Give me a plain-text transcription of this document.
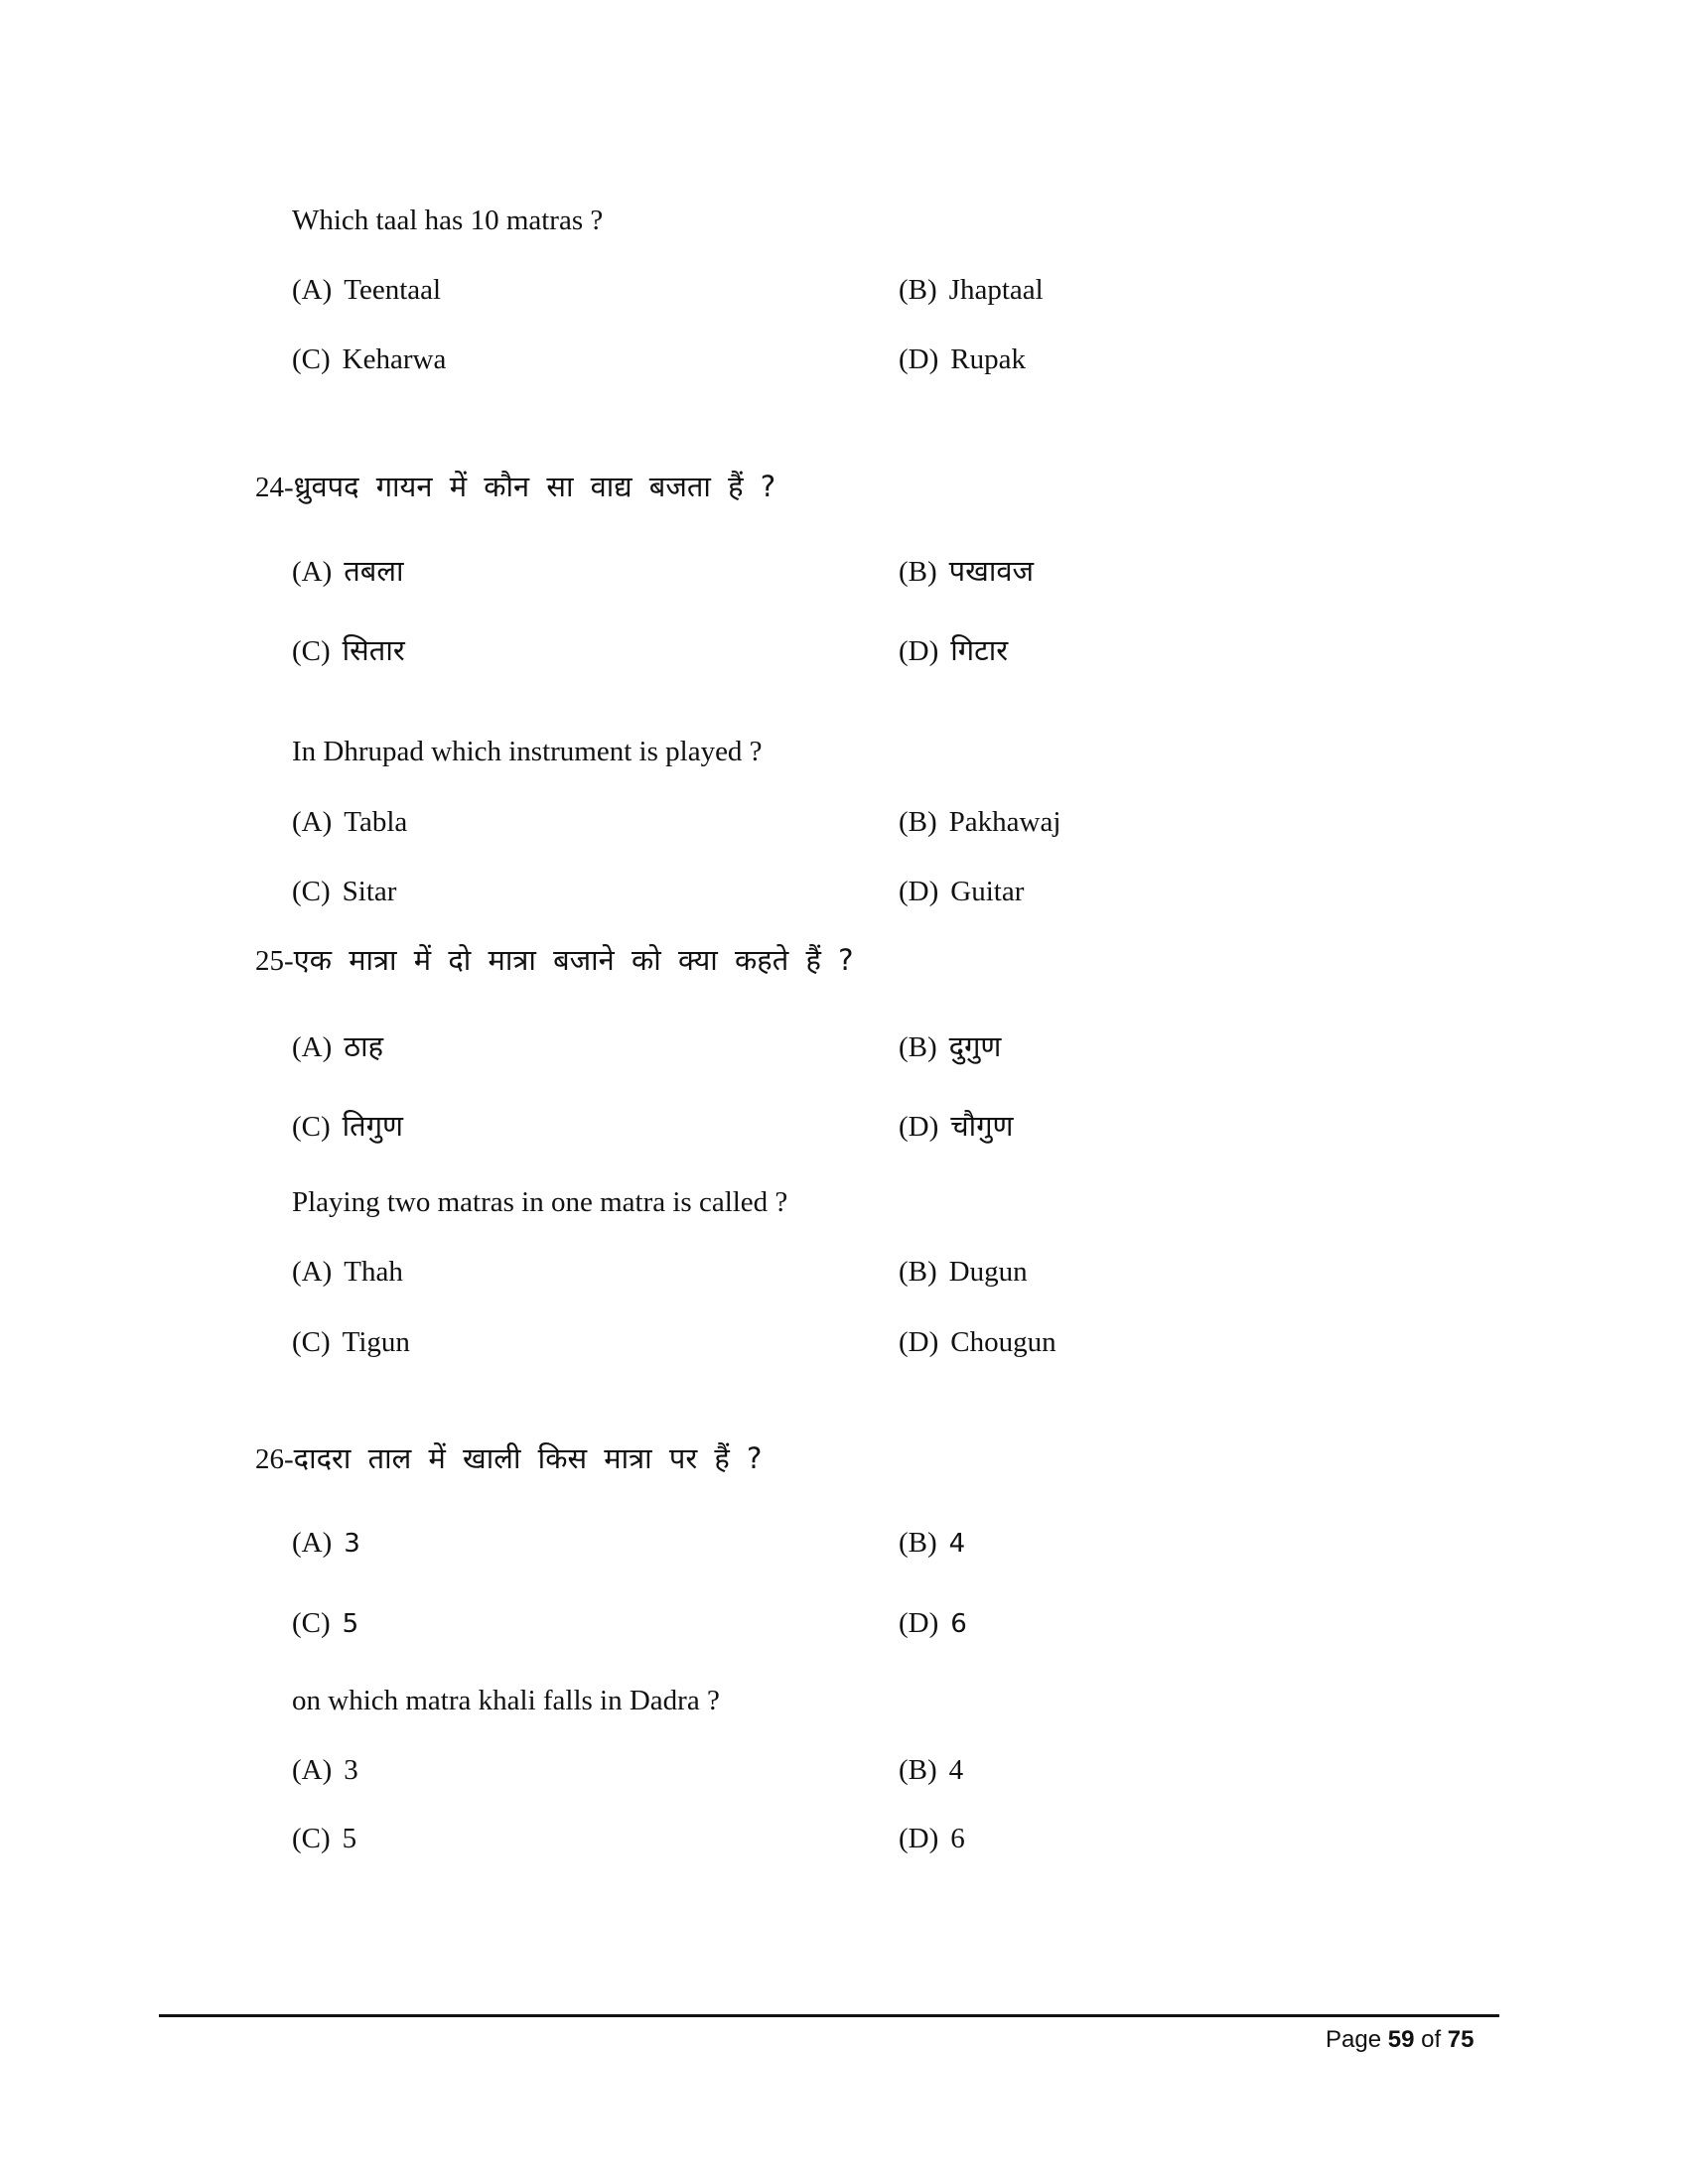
Which taal has 10 matras ?
(A) Teentaal	(B) Jhaptaal
(C) Keharwa	(D) Rupak
24-ध्रुवपद गायन में कौन सा वाद्य बजता हैं ?
(A) तबला	(B) पखावज
(C) सितार	(D) गिटार
In Dhrupad which instrument is played ?
(A) Tabla	(B) Pakhawaj
(C) Sitar	(D) Guitar
25-एक मात्रा में दो मात्रा बजाने को क्या कहते हैं ?
(A) ठाह	(B) दुगुण
(C) तिगुण	(D) चौगुण
Playing two matras in one matra is called ?
(A) Thah	(B) Dugun
(C) Tigun	(D) Chougun
26-दादरा ताल में खाली किस मात्रा पर हैं ?
(A) 3	(B) 4
(C) 5	(D) 6
on which matra khali falls in Dadra ?
(A) 3	(B) 4
(C) 5	(D) 6
Page 59 of 75
